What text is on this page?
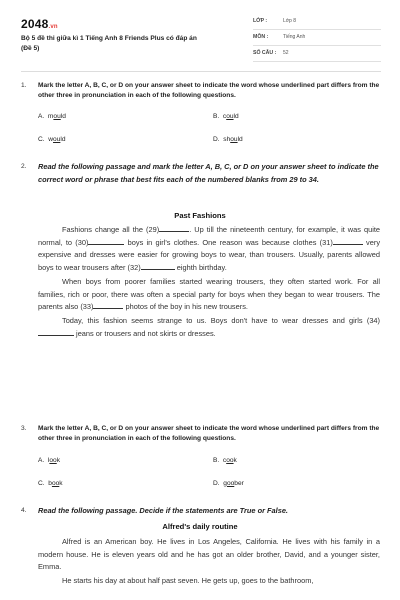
2048.vn
Bộ 5 đề thi giữa kì 1 Tiếng Anh 8 Friends Plus có đáp án
(Đề 5)
LỚP :	Lớp 8
MÔN :	Tiếng Anh
SỐ CÂU :	52
1. Mark the letter A, B, C, or D on your answer sheet to indicate the word whose underlined part differs from the other three in pronunciation in each of the following questions.
A. mould	B. could
C. would	D. should
2. Read the following passage and mark the letter A, B, C, or D on your answer sheet to indicate the correct word or phrase that best fits each of the numbered blanks from 29 to 34.
Past Fashions

Fashions change all the (29)	. Up till the nineteenth century, for example, it was quite normal, to (30)	boys in girl's clothes. One reason was because clothes (31)	very expensive and dresses were easier for growing boys to wear, than trousers. Usually, parents allowed boys to wear trousers after (32)	eighth birthday.

When boys from poorer families started wearing trousers, they often started work. For all families, rich or poor, there was often a special party for boys when they began to wear trousers. The parents also (33)	photos of the boy in his new trousers.

Today, this fashion seems strange to us. Boys don't have to wear dresses and girls (34) jeans or trousers and not skirts or dresses.

3. Mark the letter A, B, C, or D on your answer sheet to indicate the word whose underlined part differs from the other three in pronunciation in each of the following questions.
A. look	B. cook
C. book	D. goober
4. Read the following passage. Decide if the statements are True or False.
Alfred's daily routine

Alfred is an American boy. He lives in Los Angeles, California. He lives with his family in a modern house. He is eleven years old and he has got an older brother, David, and a younger sister, Emma.

He starts his day at about half past seven. He gets up, goes to the bathroom,
